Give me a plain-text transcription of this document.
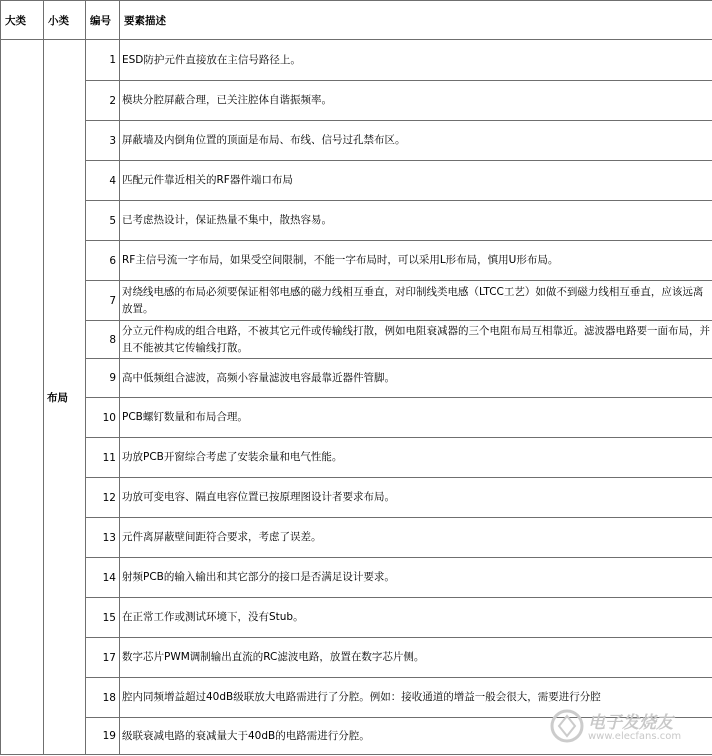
大类	小类	编号	要素描述
	布局	1	ESD防护元件直接放在主信号路径上。
		2	模块分腔屏蔽合理，已关注腔体自谐振频率。
		3	屏蔽墙及内倒角位置的顶面是布局、布线、信号过孔禁布区。
		4	匹配元件靠近相关的RF器件端口布局
		5	已考虑热设计，保证热量不集中，散热容易。
		6	RF主信号流一字布局，如果受空间限制，不能一字布局时，可以采用L形布局，慎用U形布局。
		7	对绕线电感的布局必须要保证相邻电感的磁力线相互垂直，对印制线类电感（LTCC工艺）如做不到磁力线相互垂直，应该远离放置。
		8	分立元件构成的组合电路，不被其它元件或传输线打散，例如电阻衰减器的三个电阻布局互相靠近。滤波器电路要一面布局，并且不能被其它传输线打散。
		9	高中低频组合滤波，高频小容量滤波电容最靠近器件管脚。
		10	PCB螺钉数量和布局合理。
		11	功放PCB开窗综合考虑了安装余量和电气性能。
		12	功放可变电容、隔直电容位置已按原理图设计者要求布局。
		13	元件离屏蔽壁间距符合要求，考虑了误差。
		14	射频PCB的输入输出和其它部分的接口是否满足设计要求。
		15	在正常工作或测试环境下，没有Stub。
		17	数字芯片PWM调制输出直流的RC滤波电路，放置在数字芯片侧。
		18	腔内同频增益超过40dB级联放大电路需进行了分腔。例如：接收通道的增益一般会很大，需要进行分腔
		19	级联衰减电路的衰减量大于40dB的电路需进行分腔。
电子发烧友
www.elecfans.com
